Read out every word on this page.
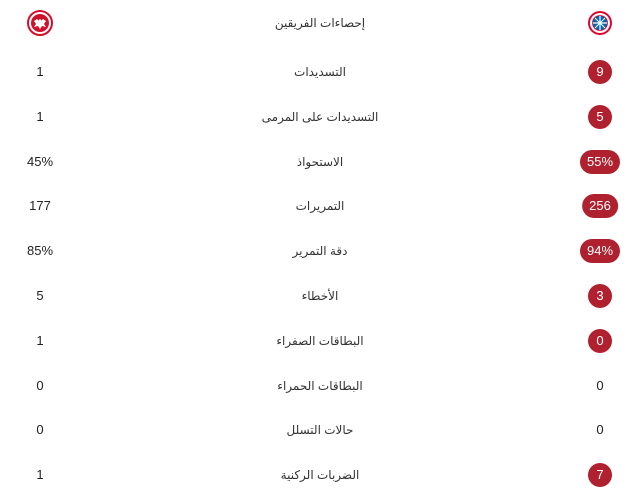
إحصاءات الفريقين
1	التسديدات	9
1	التسديدات على المرمى	5
45%	الاستحواذ	55%
177	التمريرات	256
85%	دقة التمرير	94%
5	الأخطاء	3
1	البطاقات الصفراء	0
0	البطاقات الحمراء	0
0	حالات التسلل	0
1	الضربات الركنية	7
